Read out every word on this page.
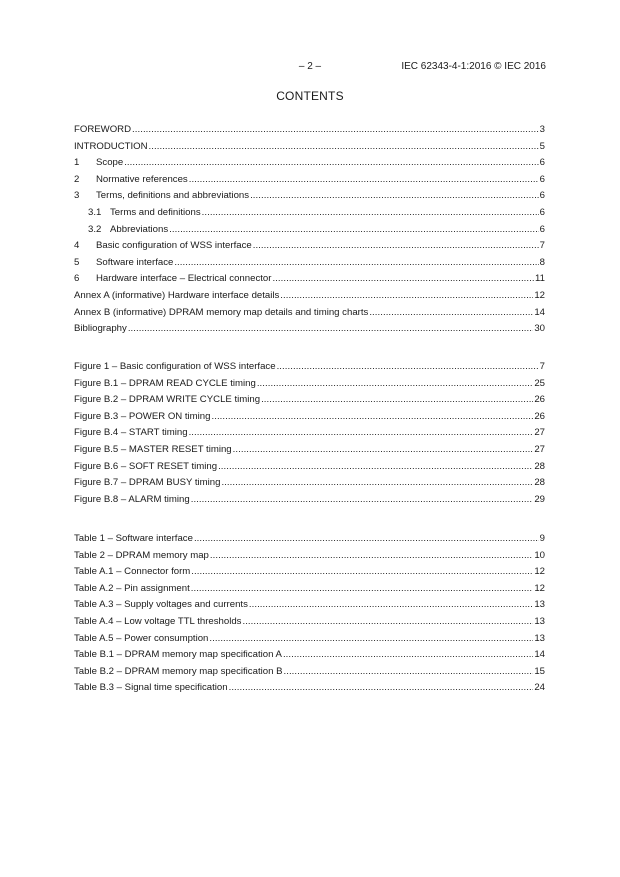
– 2 –	IEC 62343-4-1:2016 © IEC 2016
CONTENTS
FOREWORD . . .	3
INTRODUCTION . . .	5
1	Scope . . .	6
2	Normative references . . .	6
3	Terms, definitions and abbreviations . . .	6
3.1 Terms and definitions . . .	6
3.2 Abbreviations . . .	6
4	Basic configuration of WSS interface . . .	7
5	Software interface . . .	8
6	Hardware interface – Electrical connector . . .	11
Annex A (informative) Hardware interface details . . .	12
Annex B (informative) DPRAM memory map details and timing charts . . .	14
Bibliography . . .	30
Figure 1 – Basic configuration of WSS interface . . .	7
Figure B.1 – DPRAM READ CYCLE timing . . .	25
Figure B.2 – DPRAM WRITE CYCLE timing . . .	26
Figure B.3 – POWER ON timing . . .	26
Figure B.4 – START timing . . .	27
Figure B.5 – MASTER RESET timing . . .	27
Figure B.6 – SOFT RESET timing . . .	28
Figure B.7 – DPRAM BUSY timing . . .	28
Figure B.8 – ALARM timing . . .	29
Table 1 – Software interface . . .	9
Table 2 – DPRAM memory map . . .	10
Table A.1 – Connector form . . .	12
Table A.2 – Pin assignment . . .	12
Table A.3 – Supply voltages and currents . . .	13
Table A.4 – Low voltage TTL thresholds . . .	13
Table A.5 – Power consumption . . .	13
Table B.1 – DPRAM memory map specification A . . .	14
Table B.2 – DPRAM memory map specification B . . .	15
Table B.3 – Signal time specification . . .	24
